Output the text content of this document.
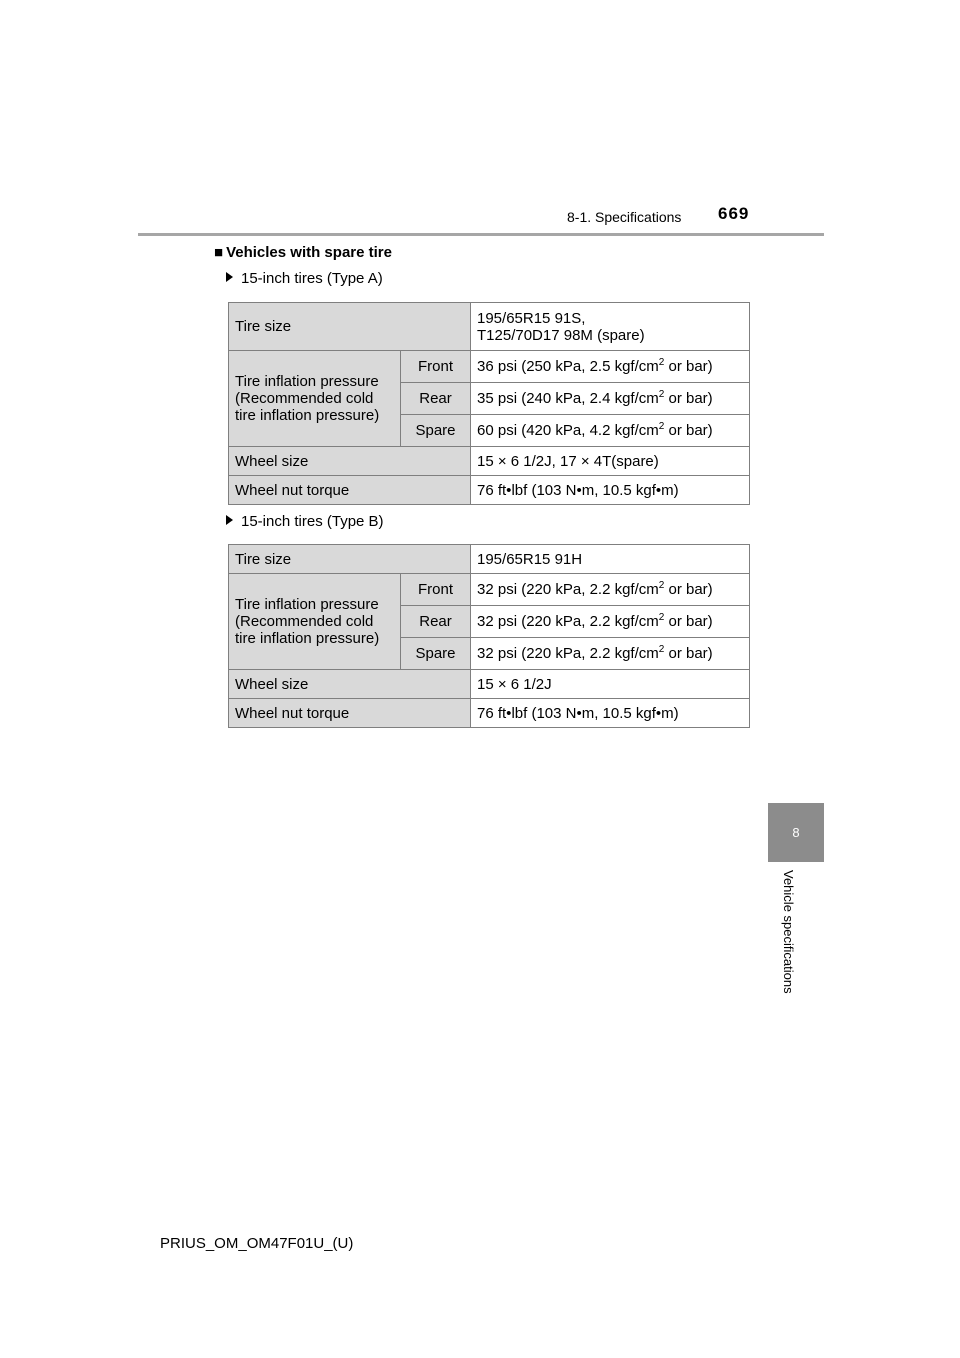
8-1. Specifications 669
8
Vehicle specifications
■ Vehicles with spare tire
15-inch tires (Type A)
Tire size		195/65R15 91S,
T125/70D17 98M (spare)

Tire inflation pressure
(Recommended cold
tire inflation pressure)	Front	36 psi (250 kPa, 2.5 kgf/$cm^2$ or bar)
	Rear	35 psi (240 kPa, 2.4 kgf/$cm^2$ or bar)
	Spare	60 psi (420 kPa, 4.2 kgf/$cm^2$ or bar)
Wheel size		15 × 6 1/2J, 17 × 4T(spare)
Wheel nut torque		76 ft•lbf (103 N•m, 10.5 kgf•m)
15-inch tires (Type B)
Tire size		195/65R15 91H

Tire inflation pressure
(Recommended cold
tire inflation pressure)	Front	32 psi (220 kPa, 2.2 kgf/$cm^2$ or bar)
	Rear	32 psi (220 kPa, 2.2 kgf/$cm^2$ or bar)
	Spare	32 psi (220 kPa, 2.2 kgf/$cm^2$ or bar)
Wheel size		15 × 6 1/2J
Wheel nut torque		76 ft•lbf (103 N•m, 10.5 kgf•m)
PRIUS_OM_OM47F01U_(U)
